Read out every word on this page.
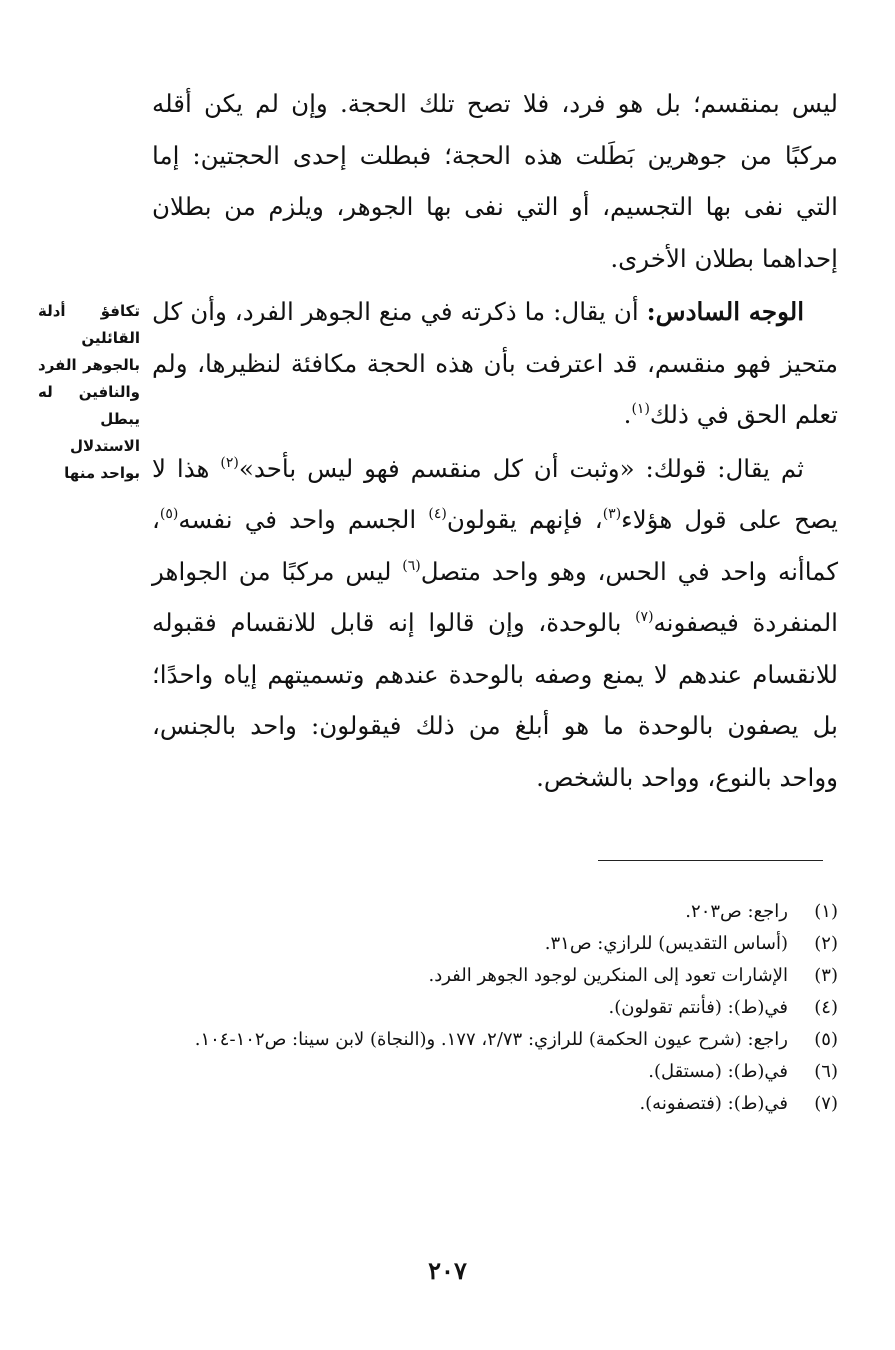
ليس بمنقسم؛ بل هو فرد، فلا تصح تلك الحجة. وإن لم يكن أقله مركبًا من جوهرين بَطَلت هذه الحجة؛ فبطلت إحدى الحجتين: إما التي نفى بها التجسيم، أو التي نفى بها الجوهر، ويلزم من بطلان إحداهما بطلان الأخرى.

الوجه السادس: أن يقال: ما ذكرته في منع الجوهر الفرد، وأن كل متحيز فهو منقسم، قد اعترفت بأن هذه الحجة مكافئة لنظيرها، ولم تعلم الحق في ذلك$^{(١)}$.

ثم يقال: قولك: «وثبت أن كل منقسم فهو ليس بأحد»$^{(٢)}$ هذا لا يصح على قول هؤلاء$^{(٣)}$، فإنهم يقولون$^{(٤)}$ الجسم واحد في نفسه$^{(٥)}$، كماأنه واحد في الحس، وهو واحد متصل$^{(٦)}$ ليس مركبًا من الجواهر المنفردة فيصفونه$^{(٧)}$ بالوحدة، وإن قالوا إنه قابل للانقسام فقبوله للانقسام عندهم لا يمنع وصفه بالوحدة عندهم وتسميتهم إياه واحدًا؛ بل يصفون بالوحدة ما هو أبلغ من ذلك فيقولون: واحد بالجنس، وواحد بالنوع، وواحد بالشخص.

تكافؤ أدلة القائلين بالجوهر الفرد والنافين له يبطل الاستدلال بواحد منها
(١)
راجع: ص٢٠٣.
(٢)
(أساس التقديس) للرازي: ص٣١.
(٣)
الإشارات تعود إلى المنكرين لوجود الجوهر الفرد.
(٤)
في(ط): (فأنتم تقولون).
(٥)
راجع: (شرح عيون الحكمة) للرازي: ٢/٧٣، ١٧٧. و(النجاة) لابن سينا: ص١٠٢-١٠٤.
(٦)
في(ط): (مستقل).
(٧)
في(ط): (فتصفونه).
٢٠٧
